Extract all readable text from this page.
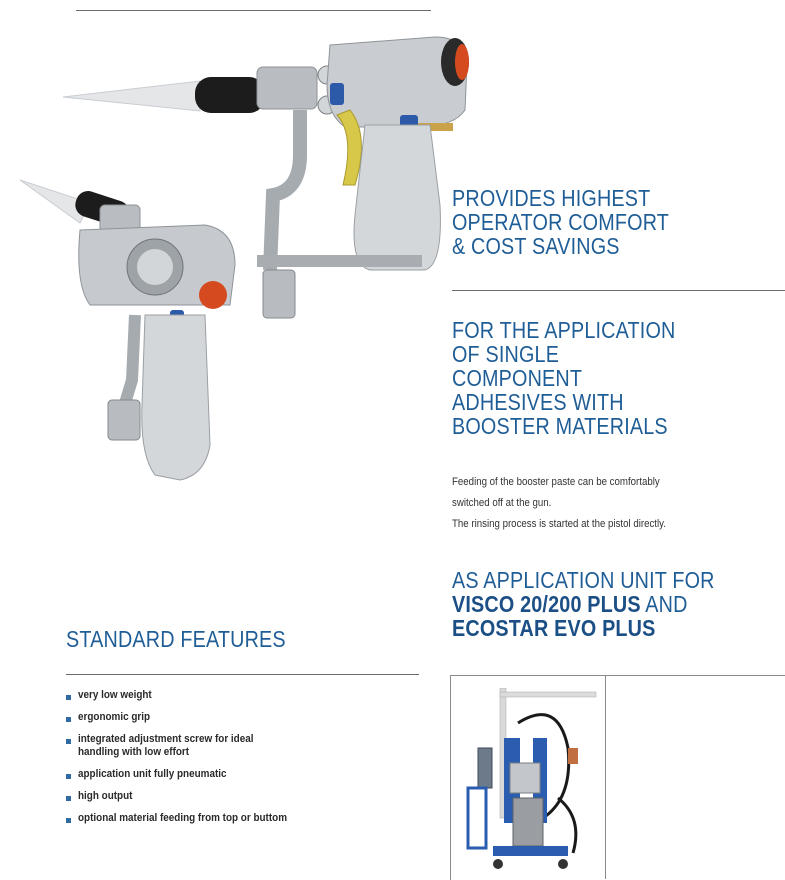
PROVIDES HIGHEST
OPERATOR COMFORT
& COST SAVINGS
FOR THE APPLICATION
OF SINGLE
COMPONENT
ADHESIVES WITH
BOOSTER MATERIALS
Feeding of the booster paste can be comfortably
switched off at the gun.
The rinsing process is started at the pistol directly.
AS APPLICATION UNIT FOR
VISCO 20/200 PLUS AND
ECOSTAR EVO PLUS
STANDARD FEATURES
very low weight
ergonomic grip
integrated adjustment screw for ideal
handling with low effort
application unit fully pneumatic
high output
optional material feeding from top or buttom
